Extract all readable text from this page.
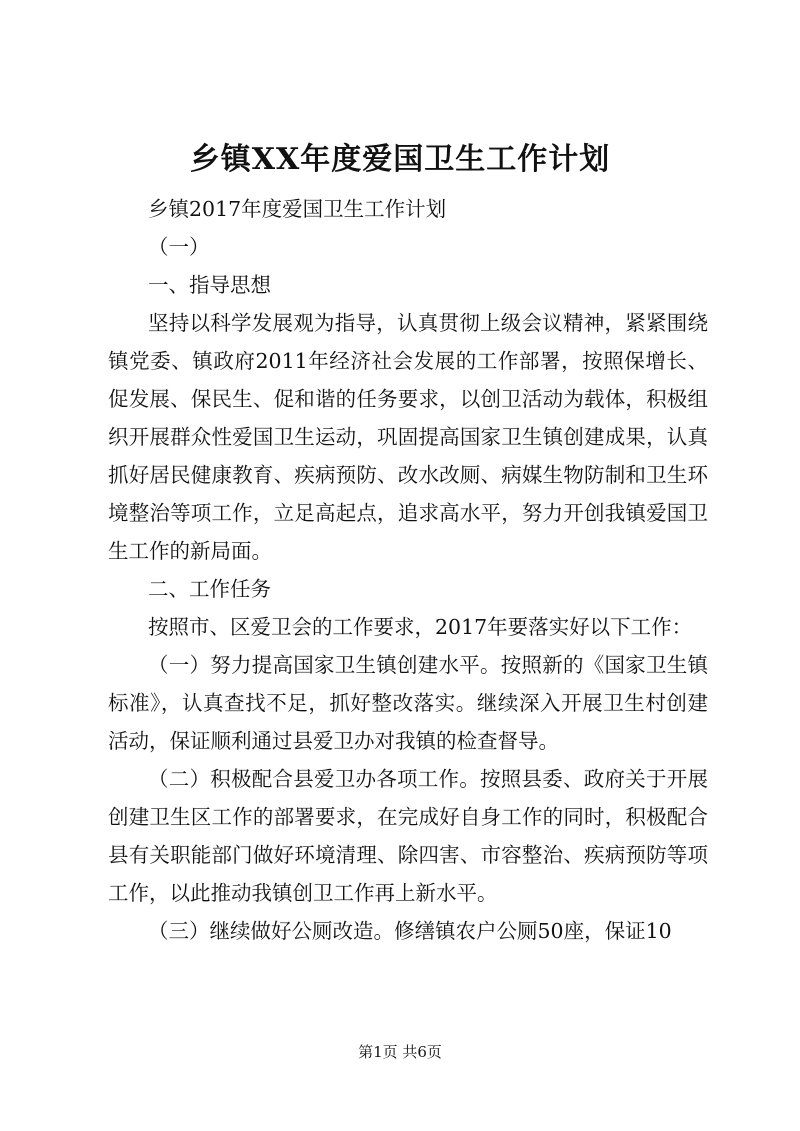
乡镇XX年度爱国卫生工作计划

乡镇2017年度爱国卫生工作计划

（一）

一、指导思想

坚持以科学发展观为指导，认真贯彻上级会议精神，紧紧围绕镇党委、镇政府2011年经济社会发展的工作部署，按照保增长、促发展、保民生、促和谐的任务要求，以创卫活动为载体，积极组织开展群众性爱国卫生运动，巩固提高国家卫生镇创建成果，认真抓好居民健康教育、疾病预防、改水改厕、病媒生物防制和卫生环境整治等项工作，立足高起点，追求高水平，努力开创我镇爱国卫生工作的新局面。

二、工作任务

按照市、区爱卫会的工作要求，2017年要落实好以下工作：

（一）努力提高国家卫生镇创建水平。按照新的《国家卫生镇标准》，认真查找不足，抓好整改落实。继续深入开展卫生村创建活动，保证顺利通过县爱卫办对我镇的检查督导。

（二）积极配合县爱卫办各项工作。按照县委、政府关于开展创建卫生区工作的部署要求，在完成好自身工作的同时，积极配合县有关职能部门做好环境清理、除四害、市容整治、疾病预防等项工作，以此推动我镇创卫工作再上新水平。

（三）继续做好公厕改造。修缮镇农户公厕50座，保证10

第1页 共6页
